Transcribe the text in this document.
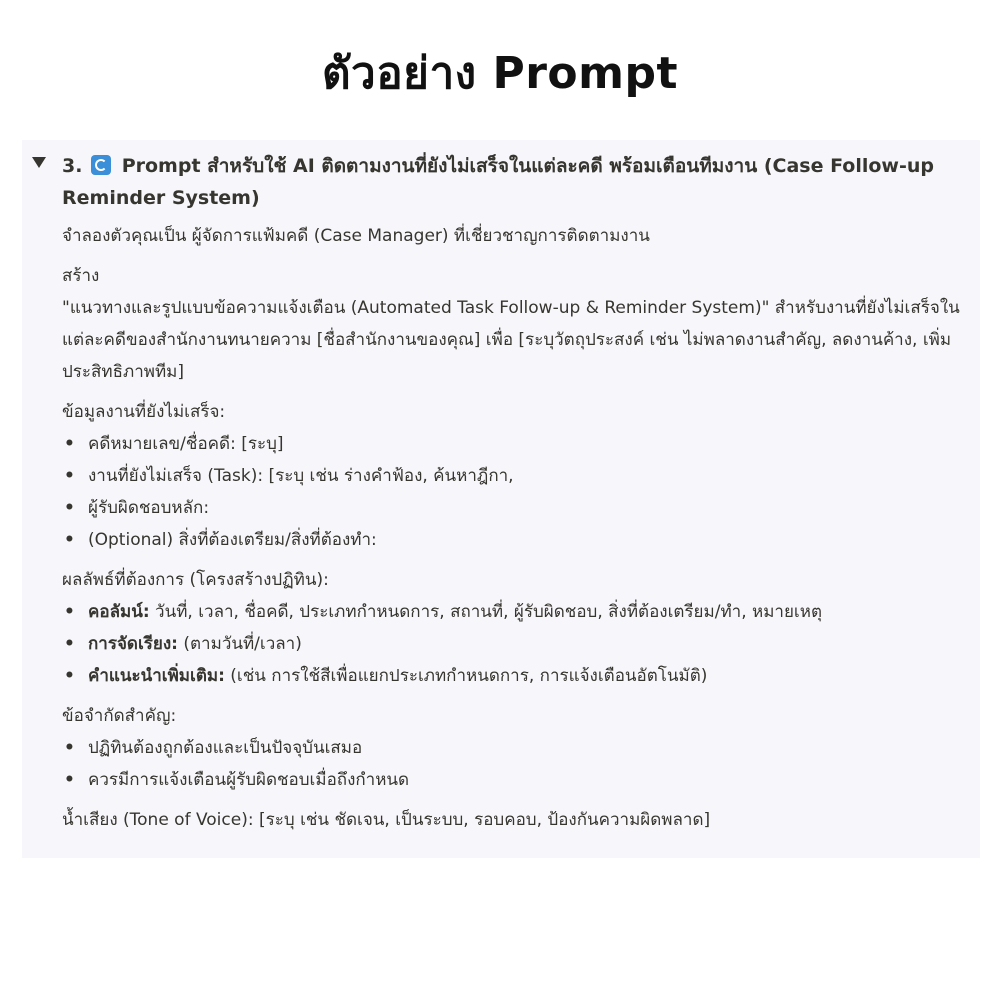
ตัวอย่าง Prompt
3. Prompt สำหรับใช้ AI ติดตามงานที่ยังไม่เสร็จในแต่ละคดี พร้อมเตือนทีมงาน (Case Follow-up Reminder System)
จำลองตัวคุณเป็น ผู้จัดการแฟ้มคดี (Case Manager) ที่เชี่ยวชาญการติดตามงาน
สร้าง
"แนวทางและรูปแบบข้อความแจ้งเตือน (Automated Task Follow-up & Reminder System)" สำหรับงานที่ยังไม่เสร็จในแต่ละคดีของสำนักงานทนายความ [ชื่อสำนักงานของคุณ] เพื่อ [ระบุวัตถุประสงค์ เช่น ไม่พลาดงานสำคัญ, ลดงานค้าง, เพิ่มประสิทธิภาพทีม]
ข้อมูลงานที่ยังไม่เสร็จ:
• คดีหมายเลข/ชื่อคดี: [ระบุ]
• งานที่ยังไม่เสร็จ (Task): [ระบุ เช่น ร่างคำฟ้อง, ค้นหาฎีกา,
• ผู้รับผิดชอบหลัก:
• (Optional) สิ่งที่ต้องเตรียม/สิ่งที่ต้องทำ:
ผลลัพธ์ที่ต้องการ (โครงสร้างปฏิทิน):
• คอลัมน์: วันที่, เวลา, ชื่อคดี, ประเภทกำหนดการ, สถานที่, ผู้รับผิดชอบ, สิ่งที่ต้องเตรียม/ทำ, หมายเหตุ
• การจัดเรียง: (ตามวันที่/เวลา)
• คำแนะนำเพิ่มเติม: (เช่น การใช้สีเพื่อแยกประเภทกำหนดการ, การแจ้งเตือนอัตโนมัติ)
ข้อจำกัดสำคัญ:
• ปฏิทินต้องถูกต้องและเป็นปัจจุบันเสมอ
• ควรมีการแจ้งเตือนผู้รับผิดชอบเมื่อถึงกำหนด
น้ำเสียง (Tone of Voice): [ระบุ เช่น ชัดเจน, เป็นระบบ, รอบคอบ, ป้องกันความผิดพลาด]
